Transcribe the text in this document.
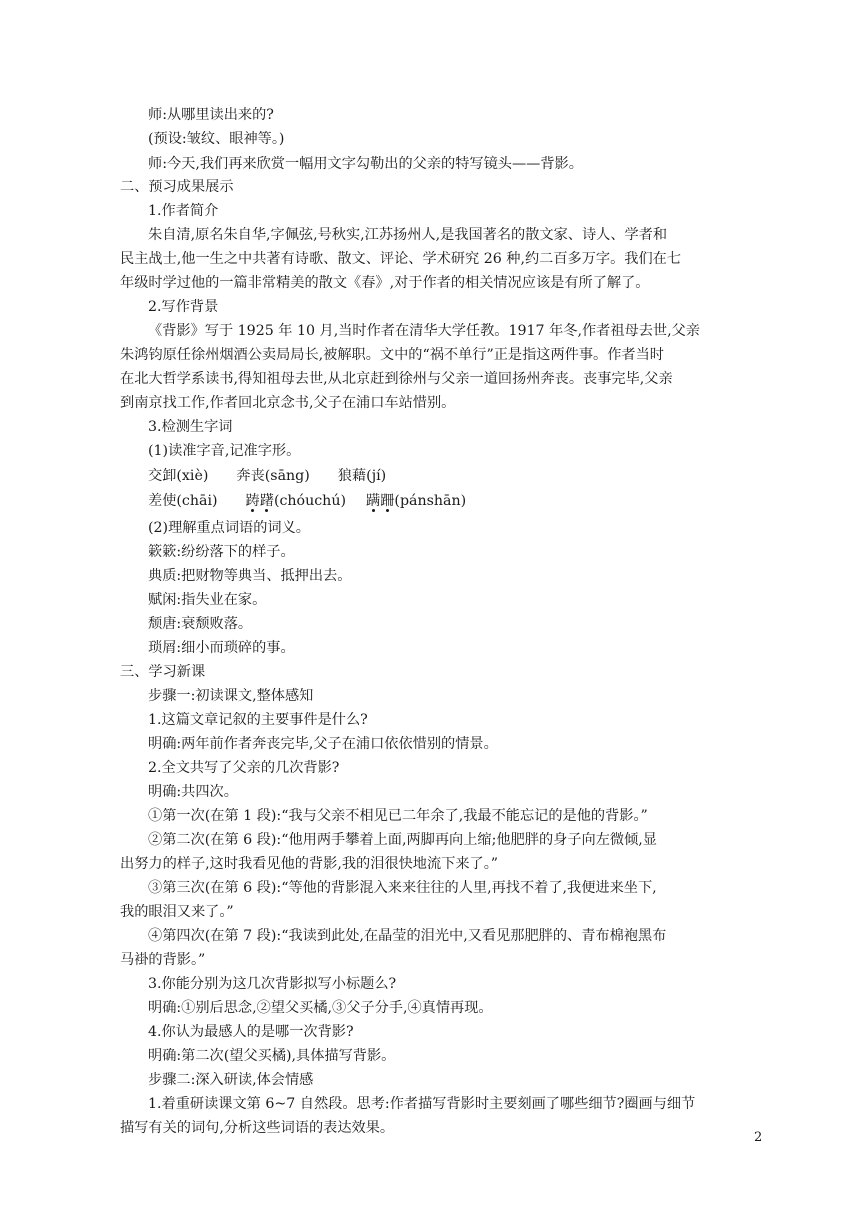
师:从哪里读出来的?
(预设:皱纹、眼神等。)
师:今天,我们再来欣赏一幅用文字勾勒出的父亲的特写镜头——背影。
二、预习成果展示
1.作者简介
朱自清,原名朱自华,字佩弦,号秋实,江苏扬州人,是我国著名的散文家、诗人、学者和
民主战士,他一生之中共著有诗歌、散文、评论、学术研究 26 种,约二百多万字。我们在七
年级时学过他的一篇非常精美的散文《春》,对于作者的相关情况应该是有所了解了。
2.写作背景
《背影》写于 1925 年 10 月,当时作者在清华大学任教。1917 年冬,作者祖母去世,父亲
朱鸿钧原任徐州烟酒公卖局局长,被解职。文中的“祸不单行”正是指这两件事。作者当时
在北大哲学系读书,得知祖母去世,从北京赶到徐州与父亲一道回扬州奔丧。丧事完毕,父亲
到南京找工作,作者回北京念书,父子在浦口车站惜别。
3.检测生字词
(1)读准字音,记准字形。
交卸(xiè) 奔丧(sāng) 狼藉(jí)
差使(chāi) 踌躇(chóuchú) 蹒跚(pánshān)
(2)理解重点词语的词义。
簌簌:纷纷落下的样子。
典质:把财物等典当、抵押出去。
赋闲:指失业在家。
颓唐:衰颓败落。
琐屑:细小而琐碎的事。
三、学习新课
步骤一:初读课文,整体感知
1.这篇文章记叙的主要事件是什么?
明确:两年前作者奔丧完毕,父子在浦口依依惜别的情景。
2.全文共写了父亲的几次背影?
明确:共四次。
①第一次(在第 1 段):“我与父亲不相见已二年余了,我最不能忘记的是他的背影。”
②第二次(在第 6 段):“他用两手攀着上面,两脚再向上缩;他肥胖的身子向左微倾,显
出努力的样子,这时我看见他的背影,我的泪很快地流下来了。”
③第三次(在第 6 段):“等他的背影混入来来往往的人里,再找不着了,我便进来坐下,
我的眼泪又来了。”
④第四次(在第 7 段):“我读到此处,在晶莹的泪光中,又看见那肥胖的、青布棉袍黑布
马褂的背影。”
3.你能分别为这几次背影拟写小标题么?
明确:①别后思念,②望父买橘,③父子分手,④真情再现。
4.你认为最感人的是哪一次背影?
明确:第二次(望父买橘),具体描写背影。
步骤二:深入研读,体会情感
1.着重研读课文第 6~7 自然段。思考:作者描写背影时主要刻画了哪些细节?圈画与细节
描写有关的词句,分析这些词语的表达效果。
2
